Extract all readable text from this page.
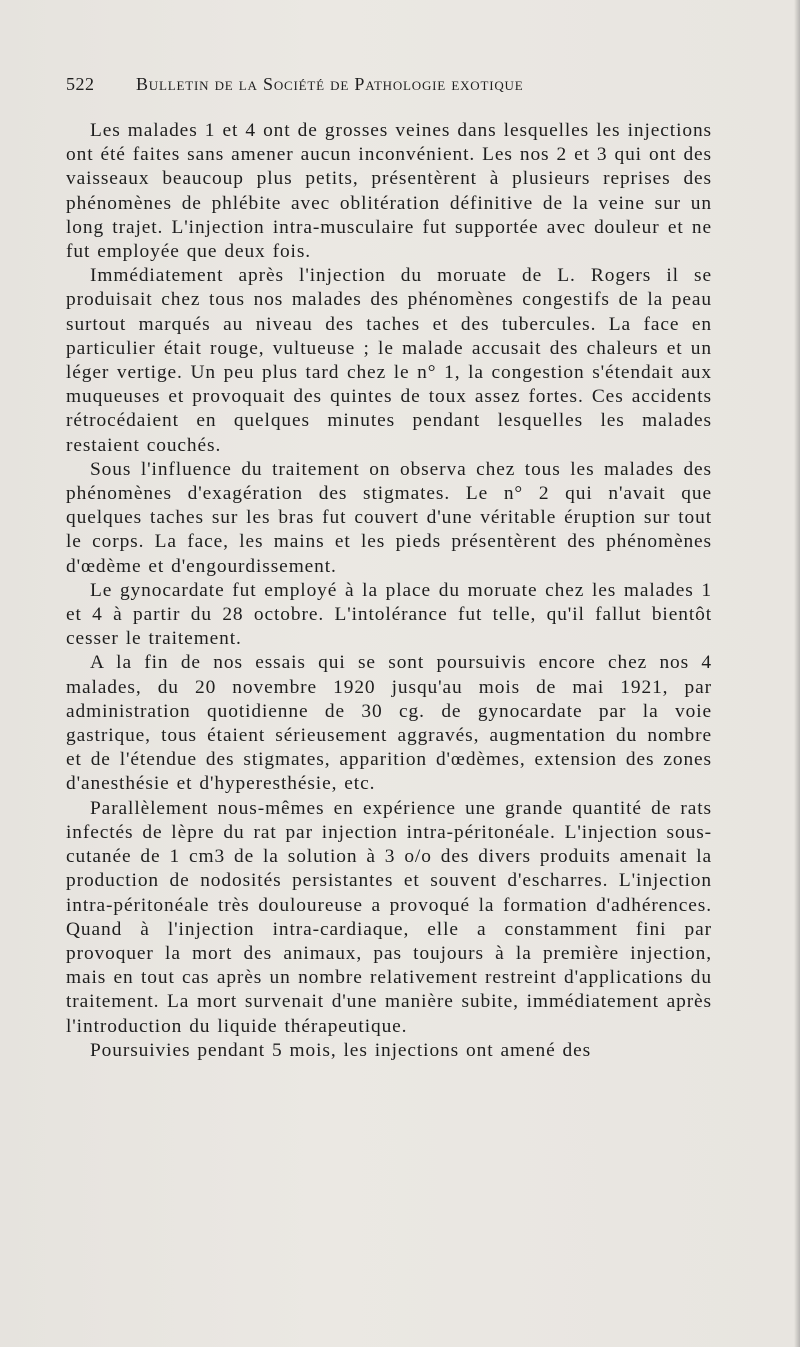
522	Bulletin de la Société de Pathologie exotique

Les malades 1 et 4 ont de grosses veines dans lesquelles les injections ont été faites sans amener aucun inconvénient. Les nos 2 et 3 qui ont des vaisseaux beaucoup plus petits, présentèrent à plusieurs reprises des phénomènes de phlébite avec oblitération définitive de la veine sur un long trajet. L'injection intra-musculaire fut supportée avec douleur et ne fut employée que deux fois.

Immédiatement après l'injection du moruate de L. Rogers il se produisait chez tous nos malades des phénomènes congestifs de la peau surtout marqués au niveau des taches et des tubercules. La face en particulier était rouge, vultueuse ; le malade accusait des chaleurs et un léger vertige. Un peu plus tard chez le n° 1, la congestion s'étendait aux muqueuses et provoquait des quintes de toux assez fortes. Ces accidents rétrocédaient en quelques minutes pendant lesquelles les malades restaient couchés.

Sous l'influence du traitement on observa chez tous les malades des phénomènes d'exagération des stigmates. Le n° 2 qui n'avait que quelques taches sur les bras fut couvert d'une véritable éruption sur tout le corps. La face, les mains et les pieds présentèrent des phénomènes d'œdème et d'engourdissement.

Le gynocardate fut employé à la place du moruate chez les malades 1 et 4 à partir du 28 octobre. L'intolérance fut telle, qu'il fallut bientôt cesser le traitement.

A la fin de nos essais qui se sont poursuivis encore chez nos 4 malades, du 20 novembre 1920 jusqu'au mois de mai 1921, par administration quotidienne de 30 cg. de gynocardate par la voie gastrique, tous étaient sérieusement aggravés, augmentation du nombre et de l'étendue des stigmates, apparition d'œdèmes, extension des zones d'anesthésie et d'hyperesthésie, etc.

Parallèlement nous-mêmes en expérience une grande quantité de rats infectés de lèpre du rat par injection intra-péritonéale. L'injection sous-cutanée de 1 cm3 de la solution à 3 o/o des divers produits amenait la production de nodosités persistantes et souvent d'escharres. L'injection intra-péritonéale très douloureuse a provoqué la formation d'adhérences. Quand à l'injection intra-cardiaque, elle a constamment fini par provoquer la mort des animaux, pas toujours à la première injection, mais en tout cas après un nombre relativement restreint d'applications du traitement. La mort survenait d'une manière subite, immédiatement après l'introduction du liquide thérapeutique.

Poursuivies pendant 5 mois, les injections ont amené des
